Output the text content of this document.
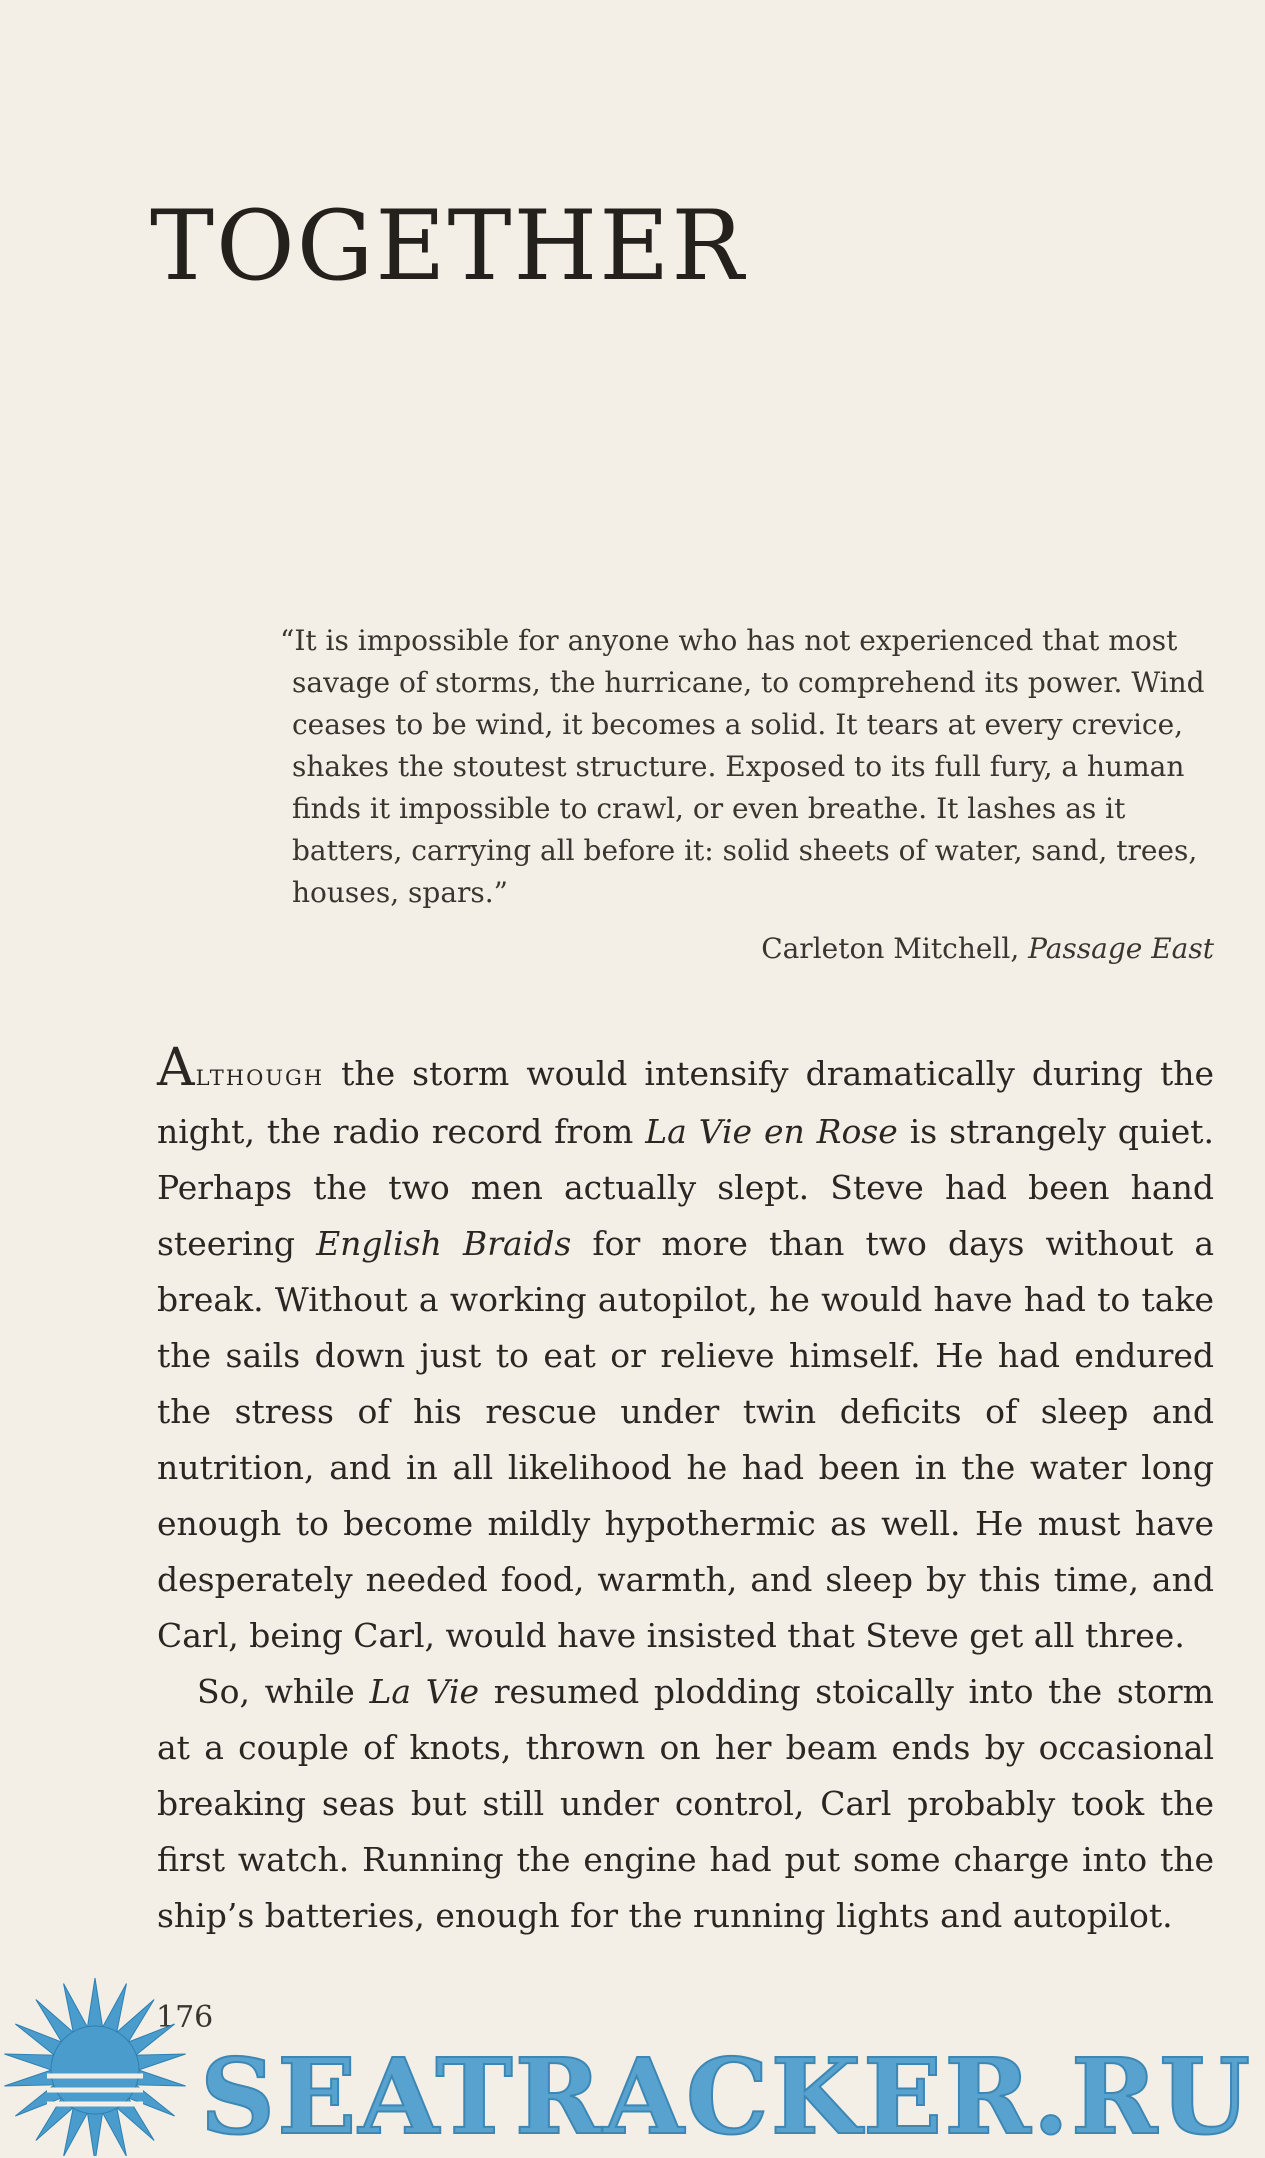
TOGETHER

“It is impossible for anyone who has not experienced that most savage of storms, the hurricane, to comprehend its power. Wind ceases to be wind, it becomes a solid. It tears at every crevice, shakes the stoutest structure. Exposed to its full fury, a human finds it impossible to crawl, or even breathe. It lashes as it batters, carrying all before it: solid sheets of water, sand, trees, houses, spars.”

Carleton Mitchell, Passage East

Although the storm would intensify dramatically during the night, the radio record from La Vie en Rose is strangely quiet. Perhaps the two men actually slept. Steve had been hand steering English Braids for more than two days without a break. Without a working autopilot, he would have had to take the sails down just to eat or relieve himself. He had endured the stress of his rescue under twin deficits of sleep and nutrition, and in all likelihood he had been in the water long enough to become mildly hypothermic as well. He must have desperately needed food, warmth, and sleep by this time, and Carl, being Carl, would have insisted that Steve get all three.

So, while La Vie resumed plodding stoically into the storm at a couple of knots, thrown on her beam ends by occasional breaking seas but still under control, Carl probably took the first watch. Running the engine had put some charge into the ship’s batteries, enough for the running lights and autopilot.

176
SEATRACKER.RU
